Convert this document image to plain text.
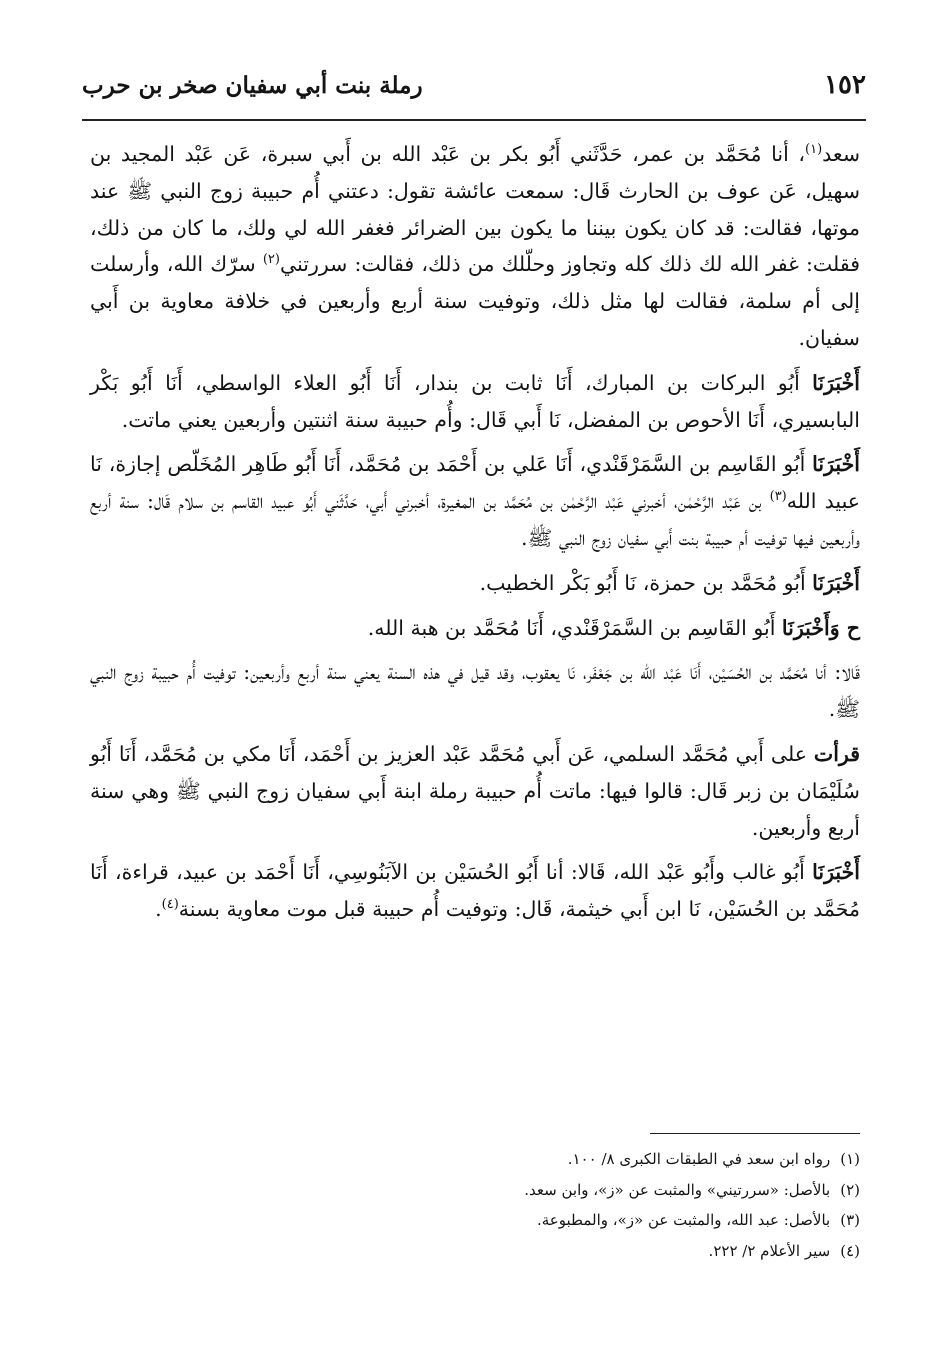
١٥٢
رملة بنت أبي سفيان صخر بن حرب

سعد$^{(١)}$، أنا مُحَمَّد بن عمر، حَدَّثَني أَبُو بكر بن عَبْد الله بن أَبي سبرة، عَن عَبْد المجيد بن سهيل، عَن عوف بن الحارث قَال: سمعت عائشة تقول: دعتني أُم حبيبة زوج النبي ﷺ عند موتها، فقالت: قد كان يكون بيننا ما يكون بين الضرائر فغفر الله لي ولك، ما كان من ذلك، فقلت: غفر الله لك ذلك كله وتجاوز وحلّلك من ذلك، فقالت: سررتني$^{(٢)}$ سرّك الله، وأرسلت إلى أم سلمة، فقالت لها مثل ذلك، وتوفيت سنة أربع وأربعين في خلافة معاوية بن أَبي سفيان.

أَخْبَرَنَا أَبُو البركات بن المبارك، أَنَا ثابت بن بندار، أَنَا أَبُو العلاء الواسطي، أَنَا أَبُو بَكْر البابسيري، أَنَا الأحوص بن المفضل، نَا أَبي قَال: وأُم حبيبة سنة اثنتين وأربعين يعني ماتت.

أَخْبَرَنَا أَبُو القَاسِم بن السَّمَرْقَنْدي، أَنَا عَلي بن أَحْمَد بن مُحَمَّد، أَنَا أَبُو طَاهِر المُخَلّص إجازة، نَا عبيد الله$^{(٣)}$ بن عَبْد الرَّحْمٰن، أخبرني عَبْد الرَّحْمٰن بن مُحَمَّد بن المغيرة، أخبرني أَبي، حَدَّثَني أَبُو عبيد القاسم بن سلام قَال: سنة أربع وأربعين فيها توفيت أم حبيبة بنت أَبي سفيان زوج النبي ﷺ.

أَخْبَرَنَا أَبُو مُحَمَّد بن حمزة، نَا أَبُو بَكْر الخطيب.

ح وَأَخْبَرَنَا أَبُو القَاسِم بن السَّمَرْقَنْدي، أَنَا مُحَمَّد بن هبة الله.

قَالا: أنا مُحَمَّد بن الحُسَيْن، أَنَا عَبْد الله بن جَعْفَر، نَا يعقوب، وقد قيل في هذه السنة يعني سنة أربع وأربعين: توفيت أُم حبيبة زوج النبي ﷺ.

قرأت على أَبي مُحَمَّد السلمي، عَن أَبي مُحَمَّد عَبْد العزيز بن أَحْمَد، أَنَا مكي بن مُحَمَّد، أَنَا أَبُو سُلَيْمَان بن زبر قَال: قالوا فيها: ماتت أُم حبيبة رملة ابنة أَبي سفيان زوج النبي ﷺ وهي سنة أربع وأربعين.

أَخْبَرَنَا أَبُو غالب وأَبُو عَبْد الله، قَالا: أنا أَبُو الحُسَيْن بن الآبَنُوسِي، أَنَا أَحْمَد بن عبيد، قراءة، أَنَا مُحَمَّد بن الحُسَيْن، نَا ابن أَبي خيثمة، قَال: وتوفيت أُم حبيبة قبل موت معاوية بسنة$^{(٤)}$.

(١)رواه ابن سعد في الطبقات الكبرى ٨/ ١٠٠.
(٢)بالأصل: «سررتيني» والمثبت عن «ز»، وابن سعد.
(٣)بالأصل: عبد الله، والمثبت عن «ز»، والمطبوعة.
(٤)سير الأعلام ٢/ ٢٢٢.
